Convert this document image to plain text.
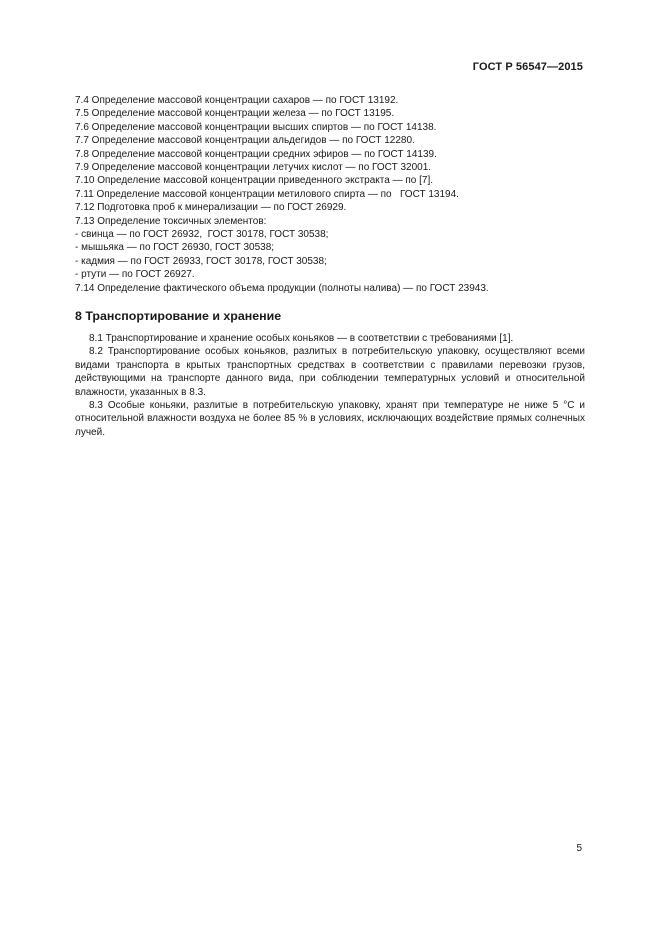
ГОСТ Р 56547—2015
7.4 Определение массовой концентрации сахаров — по ГОСТ 13192.
7.5 Определение массовой концентрации железа — по ГОСТ 13195.
7.6 Определение массовой концентрации высших спиртов — по ГОСТ 14138.
7.7 Определение массовой концентрации альдегидов — по ГОСТ 12280.
7.8 Определение массовой концентрации средних эфиров — по ГОСТ 14139.
7.9 Определение массовой концентрации летучих кислот — по ГОСТ 32001.
7.10 Определение массовой концентрации приведенного экстракта — по [7].
7.11 Определение массовой концентрации метилового спирта — по   ГОСТ 13194.
7.12 Подготовка проб к минерализации — по ГОСТ 26929.
7.13 Определение токсичных элементов:
- свинца — по ГОСТ 26932,  ГОСТ 30178, ГОСТ 30538;
- мышьяка — по ГОСТ 26930, ГОСТ 30538;
- кадмия — по ГОСТ 26933, ГОСТ 30178, ГОСТ 30538;
- ртути — по ГОСТ 26927.
7.14 Определение фактического объема продукции (полноты налива) — по ГОСТ 23943.
8 Транспортирование и хранение

8.1 Транспортирование и хранение особых коньяков — в соответствии с требованиями [1].

8.2 Транспортирование особых коньяков, разлитых в потребительскую упаковку, осуществляют всеми видами транспорта в крытых транспортных средствах в соответствии с правилами перевозки грузов, действующими на транспорте данного вида, при соблюдении температурных условий и относительной влажности, указанных в 8.3.

8.3 Особые коньяки, разлитые в потребительскую упаковку, хранят при температуре не ниже 5 °С и относительной влажности воздуха не более 85 % в условиях, исключающих воздействие прямых солнечных лучей.

5
